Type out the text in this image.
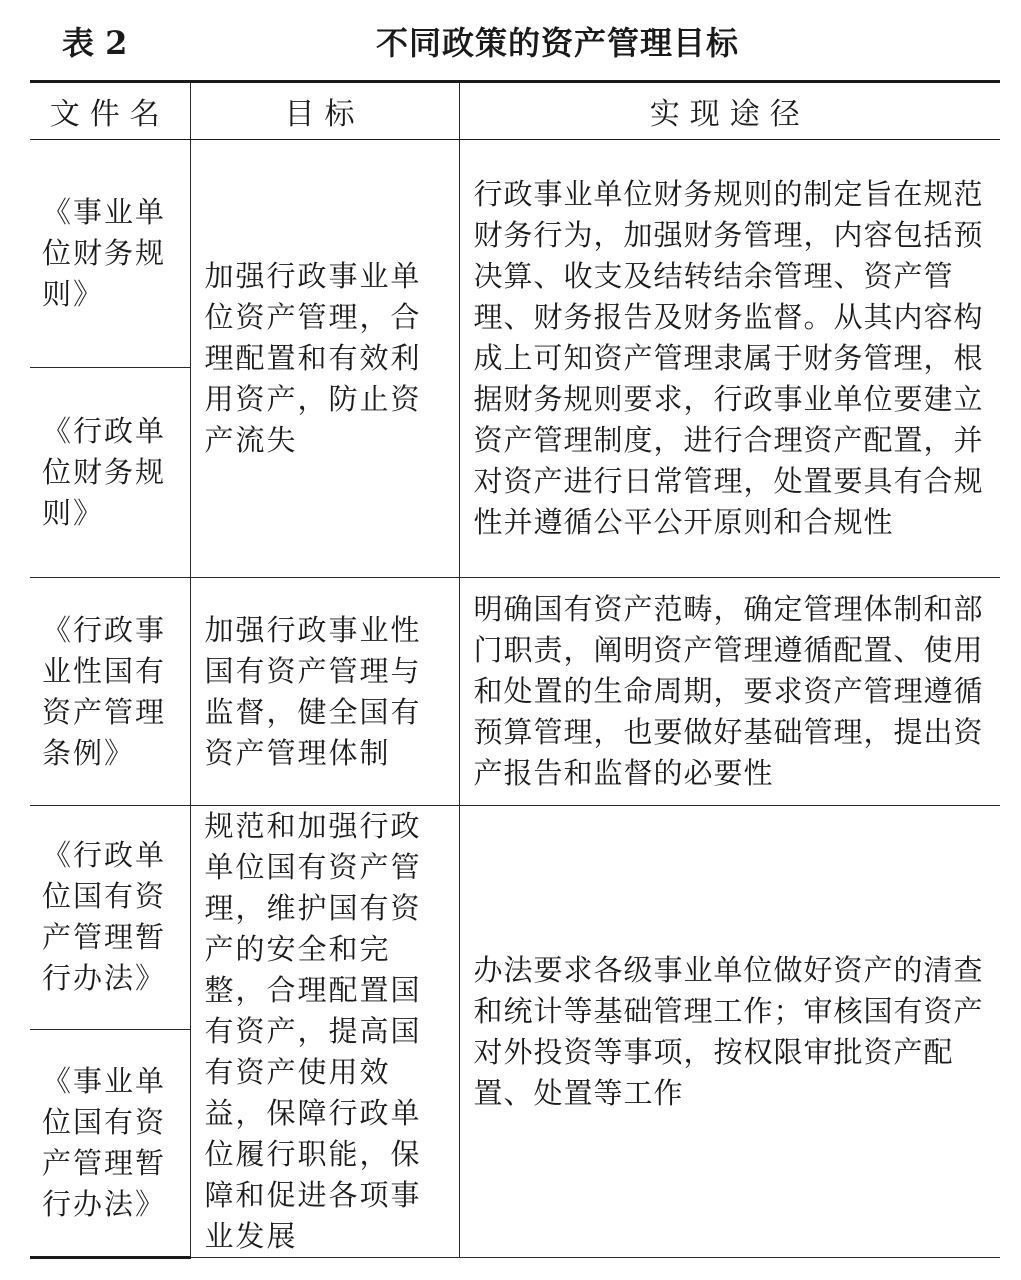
表 2	不同政策的资产管理目标
文件名	目标	实现途径
《事业单位财务规则》	加强行政事业单位资产管理，合理配置和有效利用资产，防止资产流失	行政事业单位财务规则的制定旨在规范财务行为，加强财务管理，内容包括预决算、收支及结转结余管理、资产管理、财务报告及财务监督。从其内容构成上可知资产管理隶属于财务管理，根据财务规则要求，行政事业单位要建立资产管理制度，进行合理资产配置，并对资产进行日常管理，处置要具有合规性并遵循公平公开原则和合规性
《行政单位财务规则》		
《行政事业性国有资产管理条例》	加强行政事业性国有资产管理与监督，健全国有资产管理体制	明确国有资产范畴，确定管理体制和部门职责，阐明资产管理遵循配置、使用和处置的生命周期，要求资产管理遵循预算管理，也要做好基础管理，提出资产报告和监督的必要性
《行政单位国有资产管理暂行办法》	规范和加强行政单位国有资产管理，维护国有资产的安全和完整，合理配置国有资产，提高国有资产使用效益，保障行政单位履行职能，保障和促进各项事业发展	办法要求各级事业单位做好资产的清查和统计等基础管理工作；审核国有资产对外投资等事项，按权限审批资产配置、处置等工作
《事业单位国有资产管理暂行办法》		
